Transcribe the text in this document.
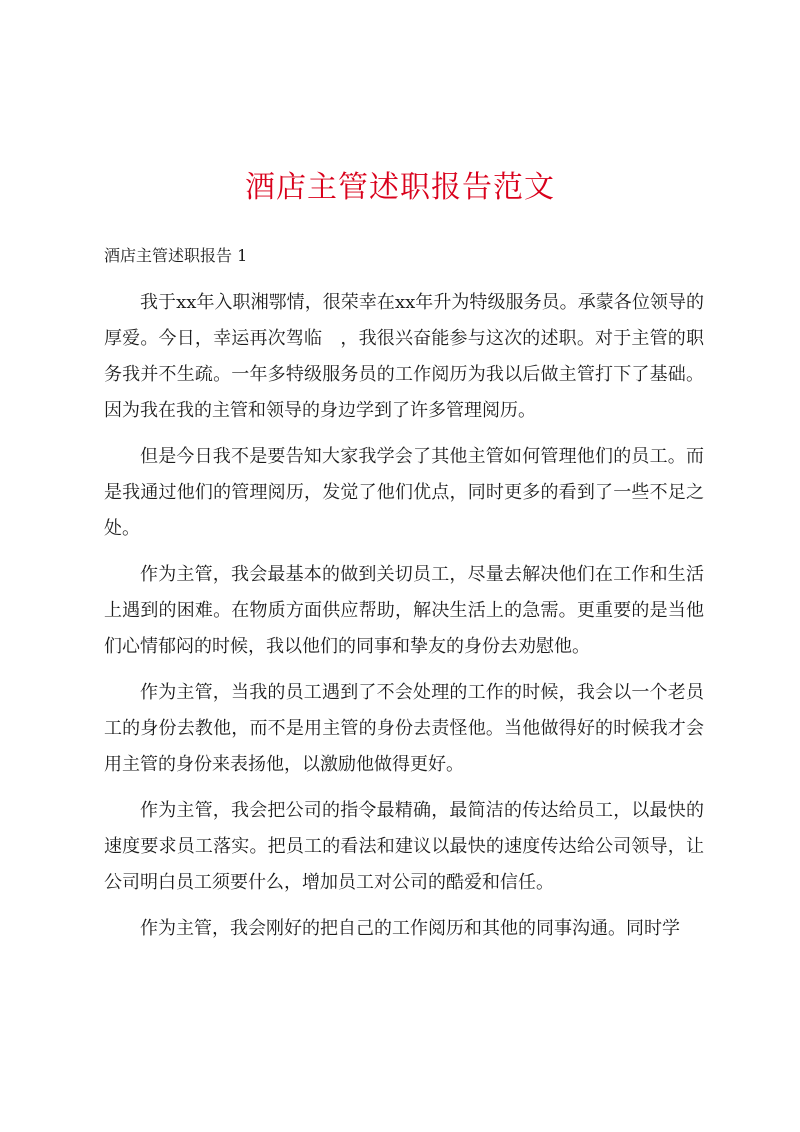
酒店主管述职报告范文

酒店主管述职报告 1

我于xx年入职湘鄂情，很荣幸在xx年升为特级服务员。承蒙各位领导的厚爱。今日，幸运再次驾临　，我很兴奋能参与这次的述职。对于主管的职务我并不生疏。一年多特级服务员的工作阅历为我以后做主管打下了基础。因为我在我的主管和领导的身边学到了许多管理阅历。

但是今日我不是要告知大家我学会了其他主管如何管理他们的员工。而是我通过他们的管理阅历，发觉了他们优点，同时更多的看到了一些不足之处。

作为主管，我会最基本的做到关切员工，尽量去解决他们在工作和生活上遇到的困难。在物质方面供应帮助，解决生活上的急需。更重要的是当他们心情郁闷的时候，我以他们的同事和挚友的身份去劝慰他。

作为主管，当我的员工遇到了不会处理的工作的时候，我会以一个老员工的身份去教他，而不是用主管的身份去责怪他。当他做得好的时候我才会用主管的身份来表扬他，以激励他做得更好。

作为主管，我会把公司的指令最精确，最简洁的传达给员工，以最快的速度要求员工落实。把员工的看法和建议以最快的速度传达给公司领导，让公司明白员工须要什么，增加员工对公司的酷爱和信任。

作为主管，我会刚好的把自己的工作阅历和其他的同事沟通。同时学
